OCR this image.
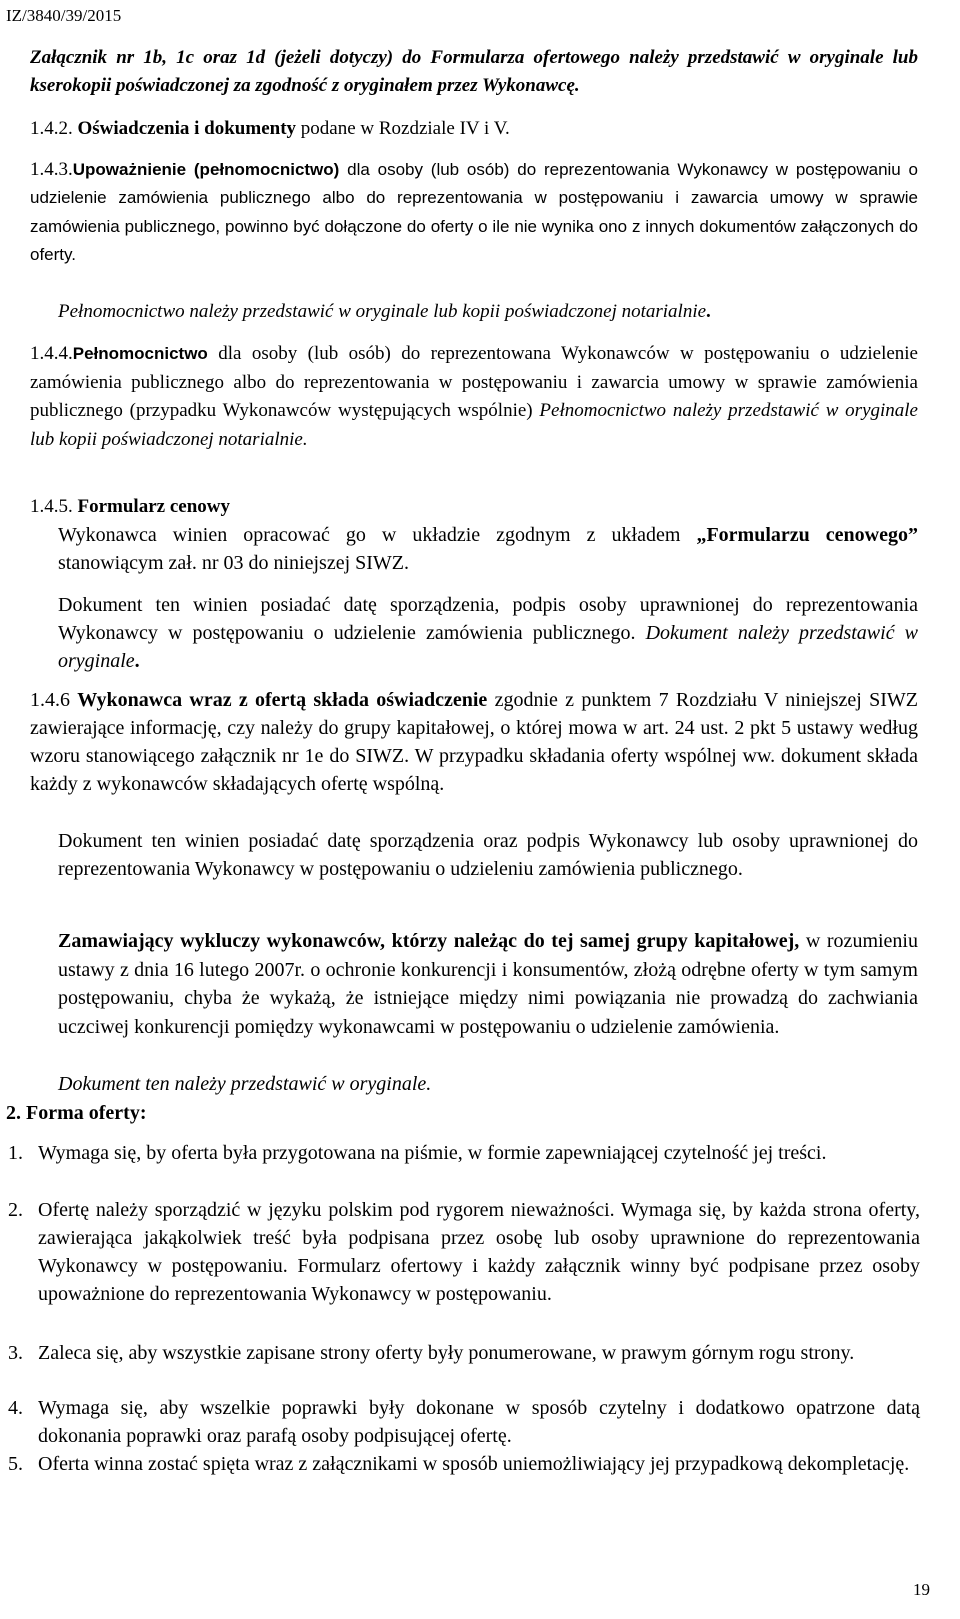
IZ/3840/39/2015
Załącznik nr 1b, 1c oraz 1d (jeżeli dotyczy) do Formularza ofertowego należy przedstawić w oryginale lub kserokopii poświadczonej za zgodność z oryginałem przez Wykonawcę.
1.4.2. Oświadczenia i dokumenty podane w Rozdziale IV i V.
1.4.3.Upoważnienie (pełnomocnictwo) dla osoby (lub osób) do reprezentowania Wykonawcy w postępowaniu o udzielenie zamówienia publicznego albo do reprezentowania w postępowaniu i zawarcia umowy w sprawie zamówienia publicznego, powinno być dołączone do oferty o ile nie wynika ono z innych dokumentów załączonych do oferty.
Pełnomocnictwo należy przedstawić w oryginale lub kopii poświadczonej notarialnie.
1.4.4.Pełnomocnictwo dla osoby (lub osób) do reprezentowana Wykonawców w postępowaniu o udzielenie zamówienia publicznego albo do reprezentowania w postępowaniu i zawarcia umowy w sprawie zamówienia publicznego (przypadku Wykonawców występujących wspólnie) Pełnomocnictwo należy przedstawić w oryginale lub kopii poświadczonej notarialnie.
1.4.5. Formularz cenowy
Wykonawca winien opracować go w układzie zgodnym z układem „Formularzu cenowego” stanowiącym zał. nr 03 do niniejszej SIWZ.
Dokument ten winien posiadać datę sporządzenia, podpis osoby uprawnionej do reprezentowania Wykonawcy w postępowaniu o udzielenie zamówienia publicznego. Dokument należy przedstawić w oryginale.
1.4.6 Wykonawca wraz z ofertą składa oświadczenie zgodnie z punktem 7 Rozdziału V niniejszej SIWZ zawierające informację, czy należy do grupy kapitałowej, o której mowa w art. 24 ust. 2 pkt 5 ustawy według wzoru stanowiącego załącznik nr 1e do SIWZ. W przypadku składania oferty wspólnej ww. dokument składa każdy z wykonawców składających ofertę wspólną.
Dokument ten winien posiadać datę sporządzenia oraz podpis Wykonawcy lub osoby uprawnionej do reprezentowania Wykonawcy w postępowaniu o udzieleniu zamówienia publicznego.
Zamawiający wykluczy wykonawców, którzy należąc do tej samej grupy kapitałowej, w rozumieniu ustawy z dnia 16 lutego 2007r. o ochronie konkurencji i konsumentów, złożą odrębne oferty w tym samym postępowaniu, chyba że wykażą, że istniejące między nimi powiązania nie prowadzą do zachwiania uczciwej konkurencji pomiędzy wykonawcami w postępowaniu o udzielenie zamówienia.
Dokument ten należy przedstawić w oryginale.
2. Forma oferty:
1. Wymaga się, by oferta była przygotowana na piśmie, w formie zapewniającej czytelność jej treści.
2. Ofertę należy sporządzić w języku polskim pod rygorem nieważności. Wymaga się, by każda strona oferty, zawierająca jakąkolwiek treść była podpisana przez osobę lub osoby uprawnione do reprezentowania Wykonawcy w postępowaniu. Formularz ofertowy i każdy załącznik winny być podpisane przez osoby upoważnione do reprezentowania Wykonawcy w postępowaniu.
3. Zaleca się, aby wszystkie zapisane strony oferty były ponumerowane, w prawym górnym rogu strony.
4. Wymaga się, aby wszelkie poprawki były dokonane w sposób czytelny i dodatkowo opatrzone datą dokonania poprawki oraz parafą osoby podpisującej ofertę.
5. Oferta winna zostać spięta wraz z załącznikami w sposób uniemożliwiający jej przypadkową dekompletację.
19
